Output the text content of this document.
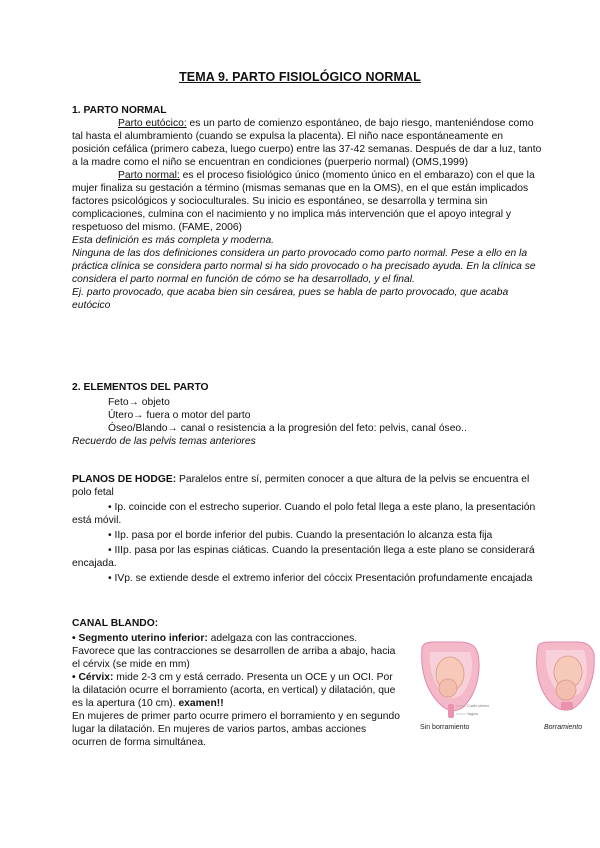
TEMA 9. PARTO FISIOLÓGICO NORMAL

1. PARTO NORMAL

Parto eutócico: es un parto de comienzo espontáneo, de bajo riesgo, manteniéndose como tal hasta el alumbramiento (cuando se expulsa la placenta). El niño nace espontáneamente en posición cefálica (primero cabeza, luego cuerpo) entre las 37-42 semanas. Después de dar a luz, tanto a la madre como el niño se encuentran en condiciones (puerperio normal) (OMS,1999)

Parto normal: es el proceso fisiológico único (momento único en el embarazo) con el que la mujer finaliza su gestación a término (mismas semanas que en la OMS), en el que están implicados factores psicológicos y socioculturales. Su inicio es espontáneo, se desarrolla y termina sin complicaciones, culmina con el nacimiento y no implica más intervención que el apoyo integral y respetuoso del mismo. (FAME, 2006)

Esta definición es más completa y moderna.

Ninguna de las dos definiciones considera un parto provocado como parto normal. Pese a ello en la práctica clínica se considera parto normal si ha sido provocado o ha precisado ayuda. En la clínica se considera el parto normal en función de cómo se ha desarrollado, y el final.

Ej. parto provocado, que acaba bien sin cesárea, pues se habla de parto provocado, que acaba eutócico

2. ELEMENTOS DEL PARTO

Feto→ objeto

Útero→ fuera o motor del parto

Óseo/Blando→ canal o resistencia a la progresión del feto: pelvis, canal óseo..

Recuerdo de las pelvis temas anteriores

PLANOS DE HODGE: Paralelos entre sí, permiten conocer a que altura de la pelvis se encuentra el polo fetal

• Ip. coincide con el estrecho superior. Cuando el polo fetal llega a este plano, la presentación está móvil.

• IIp. pasa por el borde inferior del pubis. Cuando la presentación lo alcanza esta fija

• IIIp. pasa por las espinas ciáticas. Cuando la presentación llega a este plano se considerará encajada.

• IVp. se extiende desde el extremo inferior del cóccix Presentación profundamente encajada

CANAL BLANDO:

• Segmento uterino inferior: adelgaza con las contracciones. Favorece que las contracciones se desarrollen de arriba a abajo, hacia el cérvix (se mide en mm)

• Cérvix: mide 2-3 cm y está cerrado. Presenta un OCE y un OCI. Por la dilatación ocurre el borramiento (acorta, en vertical) y dilatación, que es la apertura (10 cm). examen!!

En mujeres de primer parto ocurre primero el borramiento y en segundo lugar la dilatación. En mujeres de varios partos, ambas acciones ocurren de forma simultánea.

Cuello uterino
Vagina
Sin borramiento	Borramiento
